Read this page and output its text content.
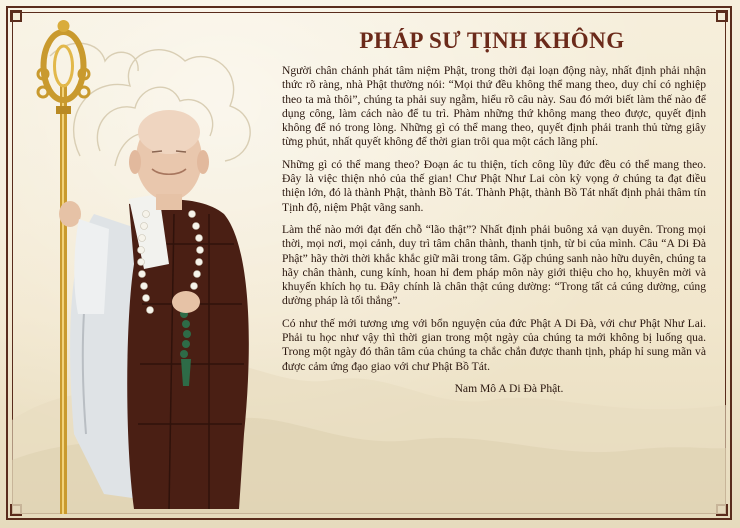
PHÁP SƯ TỊNH KHÔNG

Người chân chánh phát tâm niệm Phật, trong thời đại loạn động này, nhất định phải nhận thức rõ ràng, nhà Phật thường nói: “Mọi thứ đều không thể mang theo, duy chỉ có nghiệp theo ta mà thôi”, chúng ta phải suy ngẫm, hiểu rõ câu này. Sau đó mới biết làm thế nào để dụng công, làm cách nào để tu trì. Phàm những thứ không mang theo được, quyết định không để nó trong lòng. Những gì có thể mang theo, quyết định phải tranh thủ từng giây từng phút, nhất quyết không để thời gian trôi qua một cách lãng phí.

Những gì có thể mang theo? Đoạn ác tu thiện, tích công lũy đức đều có thể mang theo. Đây là việc thiện nhỏ của thế gian! Chư Phật Như Lai còn kỳ vọng ở chúng ta đạt điều thiện lớn, đó là thành Phật, thành Bồ Tát. Thành Phật, thành Bồ Tát nhất định phải thâm tín Tịnh độ, niệm Phật vãng sanh.

Làm thế nào mới đạt đến chỗ “lão thật”? Nhất định phải buông xả vạn duyên. Trong mọi thời, mọi nơi, mọi cảnh, duy trì tâm chân thành, thanh tịnh, từ bi của mình. Câu “A Di Đà Phật” hãy thời thời khắc khắc giữ mãi trong tâm. Gặp chúng sanh nào hữu duyên, chúng ta hãy chân thành, cung kính, hoan hỉ đem pháp môn này giới thiệu cho họ, khuyên mời và khuyến khích họ tu. Đây chính là chân thật cúng dường: “Trong tất cả cúng dường, cúng dường pháp là tối thắng”.

Có như thế mới tương ưng với bổn nguyện của đức Phật A Di Đà, với chư Phật Như Lai. Phải tu học như vậy thì thời gian trong một ngày của chúng ta mới không bị luống qua. Trong một ngày đó thân tâm của chúng ta chắc chắn được thanh tịnh, pháp hỉ sung mãn và được cảm ứng đạo giao với chư Phật Bồ Tát.

Nam Mô A Di Đà Phật.
